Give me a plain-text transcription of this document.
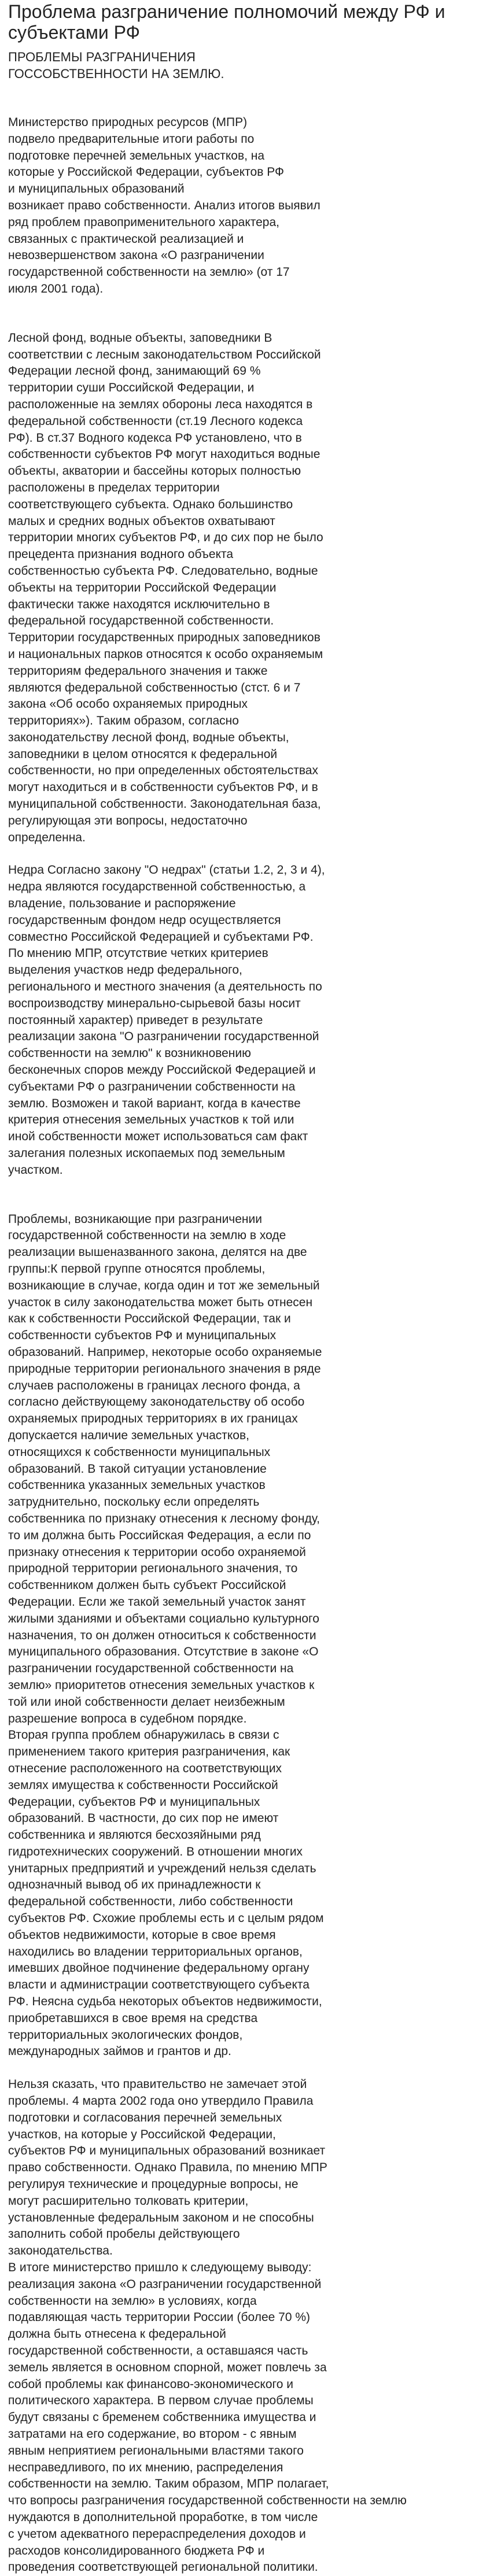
Проблема разграничение полномочий между РФ и субъектами РФ
ПРОБЛЕМЫ РАЗГРАНИЧЕНИЯ ГОССОБСТВЕННОСТИ НА ЗЕМЛЮ.

Министерство природных ресурсов (МПР)
подвело предварительные итоги работы по
подготовке перечней земельных участков, на
которые у Российской Федерации, субъектов РФ
и муниципальных образований
возникает право собственности. Анализ итогов выявил
ряд проблем правоприменительного характера,
связанных с практической реализацией и
невозвершенством закона «О разграничении
государственной собственности на землю» (от 17
июля 2001 года).

Лесной фонд, водные объекты, заповедники В
соответствии с лесным законодательством Российской
Федерации лесной фонд, занимающий 69 %
территории суши Российской Федерации, и
расположенные на землях обороны леса находятся в
федеральной собственности (ст.19 Лесного кодекса
РФ). В ст.37 Водного кодекса РФ установлено, что в
собственности субъектов РФ могут находиться водные
объекты, акватории и бассейны которых полностью
расположены в пределах территории
соответствующего субъекта. Однако большинство
малых и средних водных объектов охватывают
территории многих субъектов РФ, и до сих пор не было
прецедента признания водного объекта
собственностью субъекта РФ. Следовательно, водные
объекты на территории Российской Федерации
фактически также находятся исключительно в
федеральной государственной собственности.
Территории государственных природных заповедников
и национальных парков относятся к особо охраняемым
территориям федерального значения и также
являются федеральной собственностью (стст. 6 и 7
закона «Об особо охраняемых природных
территориях»). Таким образом, согласно
законодательству лесной фонд, водные объекты,
заповедники в целом относятся к федеральной
собственности, но при определенных обстоятельствах
могут находиться и в собственности субъектов РФ, и в
муниципальной собственности. Законодательная база,
регулирующая эти вопросы, недостаточно
определенна.

Недра Согласно закону "О недрах" (статьи 1.2, 2, 3 и 4),
недра являются государственной собственностью, а
владение, пользование и распоряжение
государственным фондом недр осуществляется
совместно Российской Федерацией и субъектами РФ.
По мнению МПР, отсутствие четких критериев
выделения участков недр федерального,
регионального и местного значения (а деятельность по
воспроизводству минерально-сырьевой базы носит
постоянный характер) приведет в результате
реализации закона "О разграничении государственной
собственности на землю" к возникновению
бесконечных споров между Российской Федерацией и
субъектами РФ о разграничении собственности на
землю. Возможен и такой вариант, когда в качестве
критерия отнесения земельных участков к той или
иной собственности может использоваться сам факт
залегания полезных ископаемых под земельным
участком.

Проблемы, возникающие при разграничении
государственной собственности на землю в ходе
реализации вышеназванного закона, делятся на две
группы:К первой группе относятся проблемы,
возникающие в случае, когда один и тот же земельный
участок в силу законодательства может быть отнесен
как к собственности Российской Федерации, так и
собственности субъектов РФ и муниципальных
образований. Например, некоторые особо охраняемые
природные территории регионального значения в ряде
случаев расположены в границах лесного фонда, а
согласно действующему законодательству об особо
охраняемых природных территориях в их границах
допускается наличие земельных участков,
относящихся к собственности муниципальных
образований. В такой ситуации установление
собственника указанных земельных участков
затруднительно, поскольку если определять
собственника по признаку отнесения к лесному фонду,
то им должна быть Российская Федерация, а если по
признаку отнесения к территории особо охраняемой
природной территории регионального значения, то
собственником должен быть субъект Российской
Федерации. Если же такой земельный участок занят
жилыми зданиями и объектами социально культурного
назначения, то он должен относиться к собственности
муниципального образования. Отсутствие в законе «О
разграничении государственной собственности на
землю» приоритетов отнесения земельных участков к
той или иной собственности делает неизбежным
разрешение вопроса в судебном порядке.
Вторая группа проблем обнаружилась в связи с
применением такого критерия разграничения, как
отнесение расположенного на соответствующих
землях имущества к собственности Российской
Федерации, субъектов РФ и муниципальных
образований. В частности, до сих пор не имеют
собственника и являются бесхозяйными ряд
гидротехнических сооружений. В отношении многих
унитарных предприятий и учреждений нельзя сделать
однозначный вывод об их принадлежности к
федеральной собственности, либо собственности
субъектов РФ. Схожие проблемы есть и с целым рядом
объектов недвижимости, которые в свое время
находились во владении территориальных органов,
имевших двойное подчинение федеральному органу
власти и администрации соответствующего субъекта
РФ. Неясна судьба некоторых объектов недвижимости,
приобретавшихся в свое время на средства
территориальных экологических фондов,
международных займов и грантов и др.

Нельзя сказать, что правительство не замечает этой
проблемы. 4 марта 2002 года оно утвердило Правила
подготовки и согласования перечней земельных
участков, на которые у Российской Федерации,
субъектов РФ и муниципальных образований возникает
право собственности. Однако Правила, по мнению МПР
регулируя технические и процедурные вопросы, не
могут расширительно толковать критерии,
установленные федеральным законом и не способны
заполнить собой пробелы действующего
законодательства.
В итоге министерство пришло к следующему выводу:
реализация закона «О разграничении государственной
собственности на землю» в условиях, когда
подавляющая часть территории России (более 70 %)
должна быть отнесена к федеральной
государственной собственности, а оставшаяся часть
земель является в основном спорной, может повлечь за
собой проблемы как финансово-экономического и
политического характера. В первом случае проблемы
будут связаны с бременем собственника имущества и
затратами на его содержание, во втором - с явным
явным неприятием региональными властями такого
несправедливого, по их мнению, распределения
собственности на землю. Таким образом, МПР полагает,
что вопросы разграничения государственной собственности на землю
нуждаются в дополнительной проработке, в том числе
с учетом адекватного перераспределения доходов и
расходов консолидированного бюджета РФ и
проведения соответствующей региональной политики.
